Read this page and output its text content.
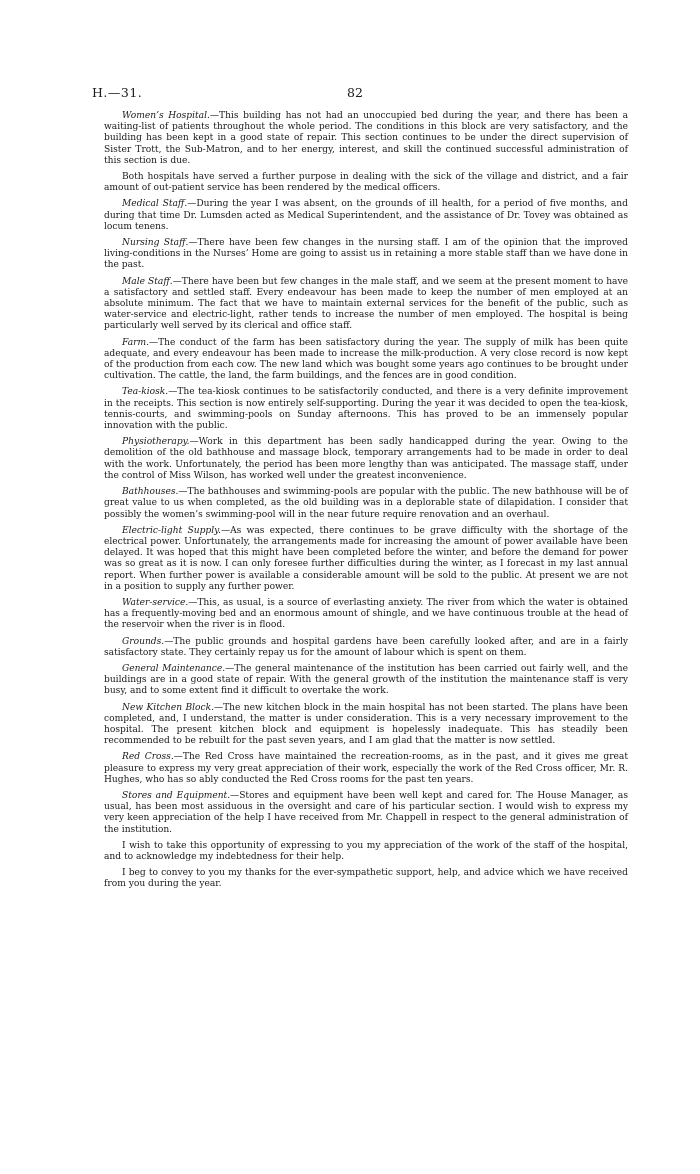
H.—31.	82

Women’s Hospital.—This building has not had an unoccupied bed during the year, and there has been a waiting-list of patients throughout the whole period. The conditions in this block are very satisfactory, and the building has been kept in a good state of repair. This section continues to be under the direct supervision of Sister Trott, the Sub-Matron, and to her energy, interest, and skill the continued successful administration of this section is due.

Both hospitals have served a further purpose in dealing with the sick of the village and district, and a fair amount of out-patient service has been rendered by the medical officers.

Medical Staff.—During the year I was absent, on the grounds of ill health, for a period of five months, and during that time Dr. Lumsden acted as Medical Superintendent, and the assistance of Dr. Tovey was obtained as locum tenens.

Nursing Staff.—There have been few changes in the nursing staff. I am of the opinion that the improved living-conditions in the Nurses’ Home are going to assist us in retaining a more stable staff than we have done in the past.

Male Staff.—There have been but few changes in the male staff, and we seem at the present moment to have a satisfactory and settled staff. Every endeavour has been made to keep the number of men employed at an absolute minimum. The fact that we have to maintain external services for the benefit of the public, such as water-service and electric-light, rather tends to increase the number of men employed. The hospital is being particularly well served by its clerical and office staff.

Farm.—The conduct of the farm has been satisfactory during the year. The supply of milk has been quite adequate, and every endeavour has been made to increase the milk-production. A very close record is now kept of the production from each cow. The new land which was bought some years ago continues to be brought under cultivation. The cattle, the land, the farm buildings, and the fences are in good condition.

Tea-kiosk.—The tea-kiosk continues to be satisfactorily conducted, and there is a very definite improvement in the receipts. This section is now entirely self-supporting. During the year it was decided to open the tea-kiosk, tennis-courts, and swimming-pools on Sunday afternoons. This has proved to be an immensely popular innovation with the public.

Physiotherapy.—Work in this department has been sadly handicapped during the year. Owing to the demolition of the old bathhouse and massage block, temporary arrangements had to be made in order to deal with the work. Unfortunately, the period has been more lengthy than was anticipated. The massage staff, under the control of Miss Wilson, has worked well under the greatest inconvenience.

Bathhouses.—The bathhouses and swimming-pools are popular with the public. The new bathhouse will be of great value to us when completed, as the old building was in a deplorable state of dilapidation. I consider that possibly the women’s swimming-pool will in the near future require renovation and an overhaul.

Electric-light Supply.—As was expected, there continues to be grave difficulty with the shortage of the electrical power. Unfortunately, the arrangements made for increasing the amount of power available have been delayed. It was hoped that this might have been completed before the winter, and before the demand for power was so great as it is now. I can only foresee further difficulties during the winter, as I forecast in my last annual report. When further power is available a considerable amount will be sold to the public. At present we are not in a position to supply any further power.

Water-service.—This, as usual, is a source of everlasting anxiety. The river from which the water is obtained has a frequently-moving bed and an enormous amount of shingle, and we have continuous trouble at the head of the reservoir when the river is in flood.

Grounds.—The public grounds and hospital gardens have been carefully looked after, and are in a fairly satisfactory state. They certainly repay us for the amount of labour which is spent on them.

General Maintenance.—The general maintenance of the institution has been carried out fairly well, and the buildings are in a good state of repair. With the general growth of the institution the maintenance staff is very busy, and to some extent find it difficult to overtake the work.

New Kitchen Block.—The new kitchen block in the main hospital has not been started. The plans have been completed, and, I understand, the matter is under consideration. This is a very necessary improvement to the hospital. The present kitchen block and equipment is hopelessly inadequate. This has steadily been recommended to be rebuilt for the past seven years, and I am glad that the matter is now settled.

Red Cross.—The Red Cross have maintained the recreation-rooms, as in the past, and it gives me great pleasure to express my very great appreciation of their work, especially the work of the Red Cross officer, Mr. R. Hughes, who has so ably conducted the Red Cross rooms for the past ten years.

Stores and Equipment.—Stores and equipment have been well kept and cared for. The House Manager, as usual, has been most assiduous in the oversight and care of his particular section. I would wish to express my very keen appreciation of the help I have received from Mr. Chappell in respect to the general administration of the institution.

I wish to take this opportunity of expressing to you my appreciation of the work of the staff of the hospital, and to acknowledge my indebtedness for their help.

I beg to convey to you my thanks for the ever-sympathetic support, help, and advice which we have received from you during the year.
